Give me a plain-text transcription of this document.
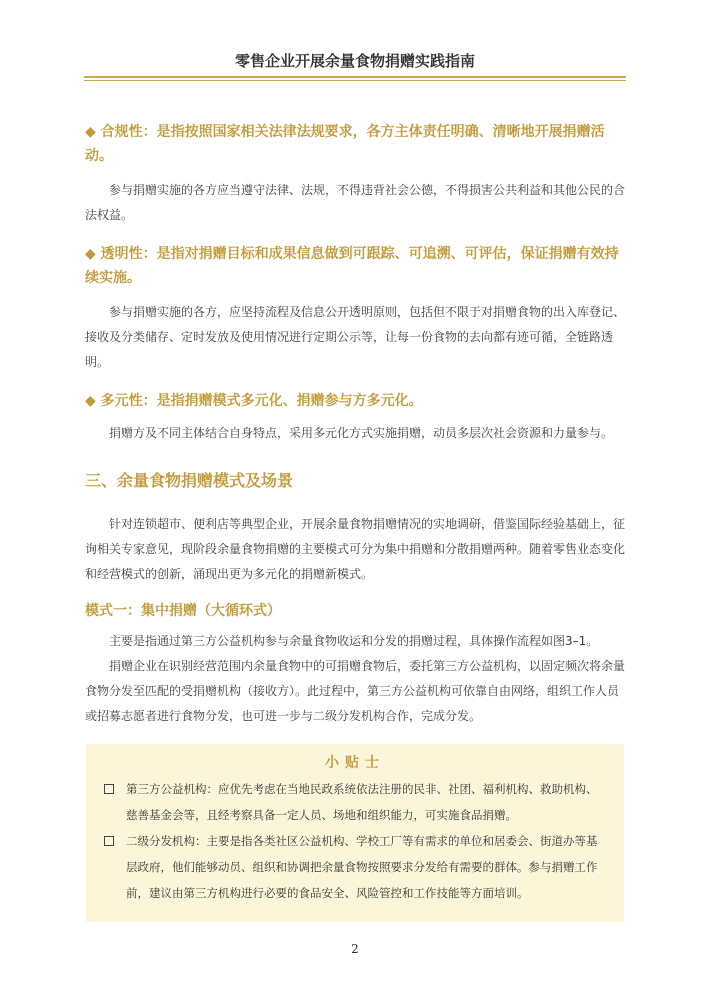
零售企业开展余量食物捐赠实践指南

◆ 合规性：是指按照国家相关法律法规要求，各方主体责任明确、清晰地开展捐赠活动。

参与捐赠实施的各方应当遵守法律、法规，不得违背社会公德，不得损害公共利益和其他公民的合法权益。

◆ 透明性：是指对捐赠目标和成果信息做到可跟踪、可追溯、可评估，保证捐赠有效持续实施。

参与捐赠实施的各方，应坚持流程及信息公开透明原则，包括但不限于对捐赠食物的出入库登记、接收及分类储存、定时发放及使用情况进行定期公示等，让每一份食物的去向都有迹可循，全链路透明。

◆ 多元性：是指捐赠模式多元化、捐赠参与方多元化。

捐赠方及不同主体结合自身特点，采用多元化方式实施捐赠，动员多层次社会资源和力量参与。

三、余量食物捐赠模式及场景

针对连锁超市、便利店等典型企业，开展余量食物捐赠情况的实地调研，借鉴国际经验基础上，征询相关专家意见，现阶段余量食物捐赠的主要模式可分为集中捐赠和分散捐赠两种。随着零售业态变化和经营模式的创新，涌现出更为多元化的捐赠新模式。

模式一：集中捐赠（大循环式）

主要是指通过第三方公益机构参与余量食物收运和分发的捐赠过程，具体操作流程如图3–1。

捐赠企业在识别经营范围内余量食物中的可捐赠食物后，委托第三方公益机构，以固定频次将余量食物分发至匹配的受捐赠机构（接收方）。此过程中，第三方公益机构可依靠自由网络，组织工作人员或招募志愿者进行食物分发，也可进一步与二级分发机构合作，完成分发。

小贴士
第三方公益机构：应优先考虑在当地民政系统依法注册的民非、社团、福利机构、救助机构、慈善基金会等，且经考察具备一定人员、场地和组织能力，可实施食品捐赠。
二级分发机构：主要是指各类社区公益机构、学校工厂等有需求的单位和居委会、街道办等基层政府，他们能够动员、组织和协调把余量食物按照要求分发给有需要的群体。参与捐赠工作前，建议由第三方机构进行必要的食品安全、风险管控和工作技能等方面培训。
2
